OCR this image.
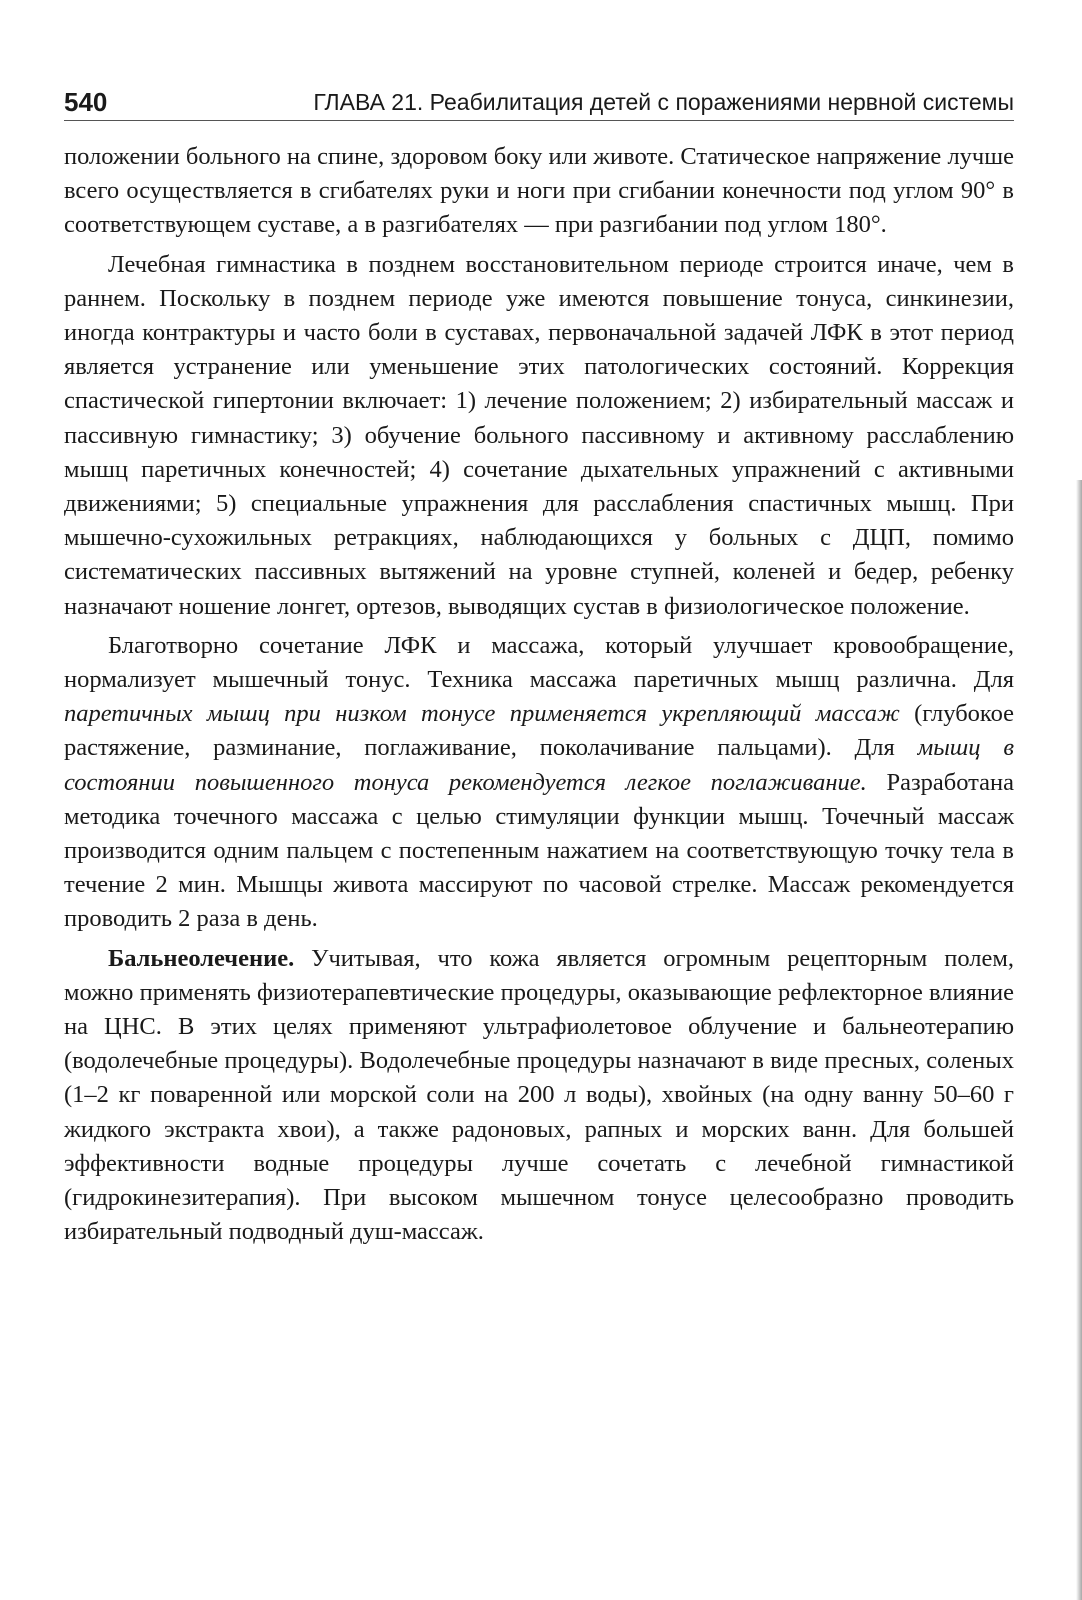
540	ГЛАВА 21. Реабилитация детей с поражениями нервной системы

положении больного на спине, здоровом боку или животе. Статическое напряжение лучше всего осуществляется в сгибателях руки и ноги при сгибании конечности под углом 90° в соответствующем суставе, а в разгибателях — при разгибании под углом 180°.

Лечебная гимнастика в позднем восстановительном периоде строится иначе, чем в раннем. Поскольку в позднем периоде уже имеются повышение тонуса, синкинезии, иногда контрактуры и часто боли в суставах, первоначальной задачей ЛФК в этот период является устранение или уменьшение этих патологических состояний. Коррекция спастической гипертонии включает: 1) лечение положением; 2) избирательный массаж и пассивную гимнастику; 3) обучение больного пассивному и активному расслаблению мышц паретичных конечностей; 4) сочетание дыхательных упражнений с активными движениями; 5) специальные упражнения для расслабления спастичных мышц. При мышечно-сухожильных ретракциях, наблюдающихся у больных с ДЦП, помимо систематических пассивных вытяжений на уровне ступней, коленей и бедер, ребенку назначают ношение лонгет, ортезов, выводящих сустав в физиологическое положение.

Благотворно сочетание ЛФК и массажа, который улучшает кровообращение, нормализует мышечный тонус. Техника массажа паретичных мышц различна. Для паретичных мышц при низком тонусе применяется укрепляющий массаж (глубокое растяжение, разминание, поглаживание, поколачивание пальцами). Для мышц в состоянии повышенного тонуса рекомендуется легкое поглаживание. Разработана методика точечного массажа с целью стимуляции функции мышц. Точечный массаж производится одним пальцем с постепенным нажатием на соответствующую точку тела в течение 2 мин. Мышцы живота массируют по часовой стрелке. Массаж рекомендуется проводить 2 раза в день.

Бальнеолечение. Учитывая, что кожа является огромным рецепторным полем, можно применять физиотерапевтические процедуры, оказывающие рефлекторное влияние на ЦНС. В этих целях применяют ультрафиолетовое облучение и бальнеотерапию (водолечебные процедуры). Водолечебные процедуры назначают в виде пресных, соленых (1–2 кг поваренной или морской соли на 200 л воды), хвойных (на одну ванну 50–60 г жидкого экстракта хвои), а также радоновых, рапных и морских ванн. Для большей эффективности водные процедуры лучше сочетать с лечебной гимнастикой (гидрокинезитерапия). При высоком мышечном тонусе целесообразно проводить избирательный подводный душ-массаж.
